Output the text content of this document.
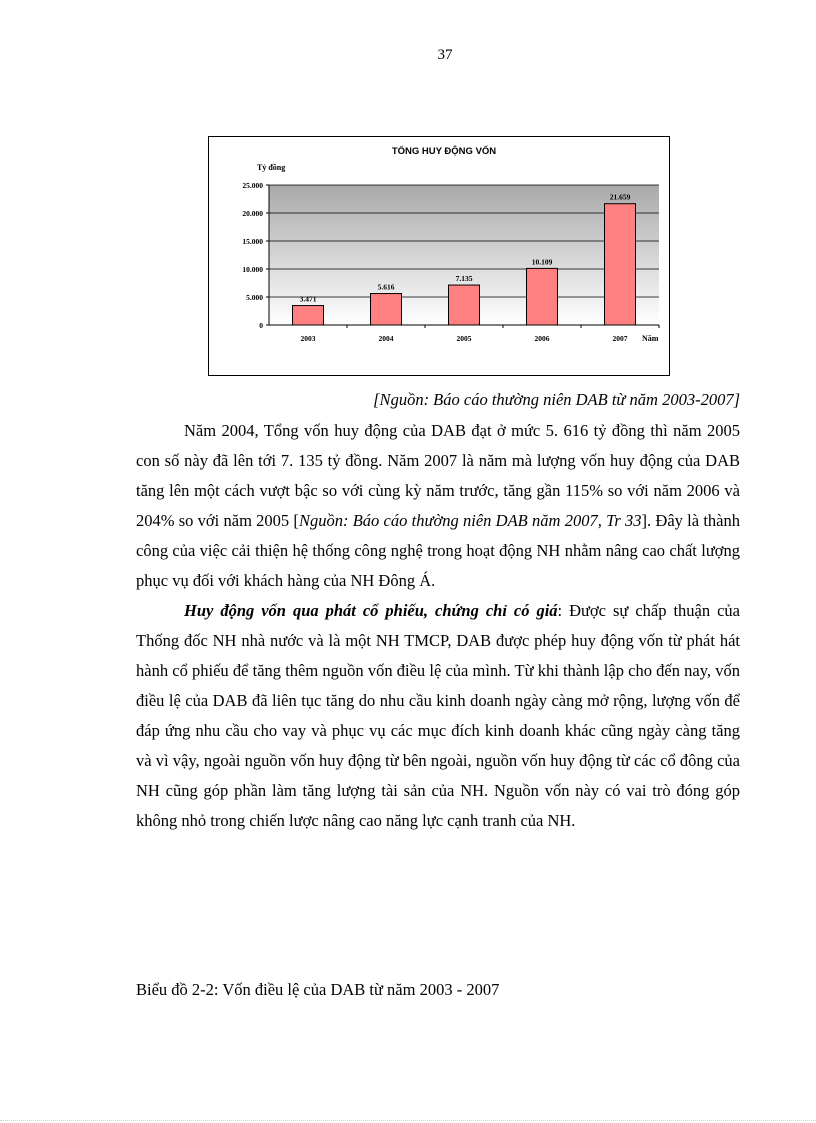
37
TỔNG HUY ĐỘNG VỐN
Tỷ đồng
Năm
0
5.000
10.000
15.000
20.000
25.000
3.471
2003
5.616
2004
7.135
2005
10.109
2006
21.659
2007
[Nguồn: Báo cáo thường niên DAB từ năm 2003-2007]

Năm 2004, Tổng vốn huy động của DAB đạt ở mức 5. 616 tỷ đồng thì năm 2005 con số này đã lên tới 7. 135 tỷ đồng. Năm 2007 là năm mà lượng vốn huy động của DAB tăng lên một cách vượt bậc so với cùng kỳ năm trước, tăng gần 115% so với năm 2006 và 204% so với năm 2005 [Nguồn: Báo cáo thường niên DAB năm 2007, Tr 33]. Đây là thành công của việc cải thiện hệ thống công nghệ trong hoạt động NH nhằm nâng cao chất lượng phục vụ đối với khách hàng của NH Đông Á.

Huy động vốn qua phát cổ phiếu, chứng chỉ có giá: Được sự chấp thuận của Thống đốc NH nhà nước và là một NH TMCP, DAB được phép huy động vốn từ phát hát hành cổ phiếu để tăng thêm nguồn vốn điều lệ của mình. Từ khi thành lập cho đến nay, vốn điều lệ của DAB đã liên tục tăng do nhu cầu kinh doanh ngày càng mở rộng, lượng vốn để đáp ứng nhu cầu cho vay và phục vụ các mục đích kinh doanh khác cũng ngày càng tăng và vì vậy, ngoài nguồn vốn huy động từ bên ngoài, nguồn vốn huy động từ các cổ đông của NH cũng góp phần làm tăng lượng tài sản của NH. Nguồn vốn này có vai trò đóng góp không nhỏ trong chiến lược nâng cao năng lực cạnh tranh của NH.

Biểu đồ 2-2: Vốn điều lệ của DAB từ năm 2003 - 2007
